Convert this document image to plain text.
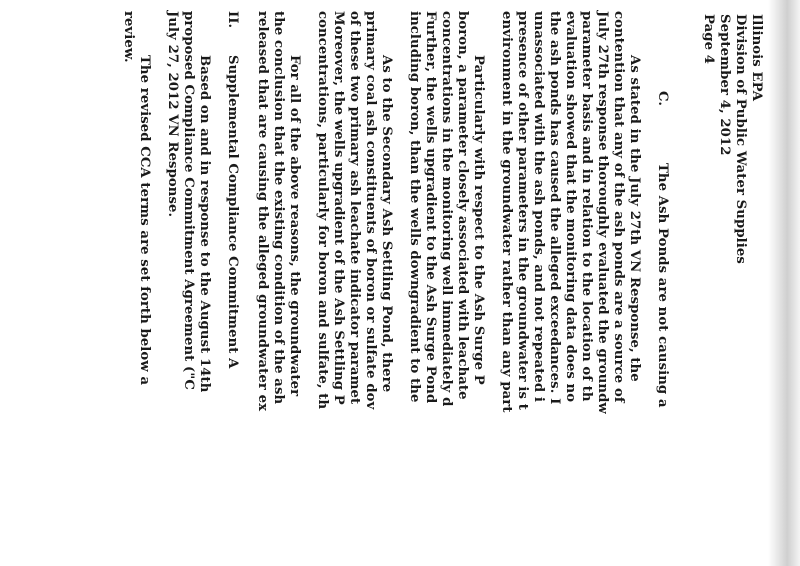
Illinois EPA
Division of Public Water Supplies
September 4, 2012
Page 4
C.
The Ash Ponds are not causing a
As stated in the July 27th VN Response, the
contention that any of the ash ponds are a source of
July 27th response thoroughly evaluated the groundw
parameter basis and in relation to the location of th
evaluation showed that the monitoring data does no
the ash ponds has caused the alleged exceedances. I
unassociated with the ash ponds, and not repeated i
presence of other parameters in the groundwater is t
environment in the groundwater rather than any part
Particularly with respect to the Ash Surge P
boron, a parameter closely associated with leachate
concentrations in the monitoring well immediately d
Further, the wells upgradient to the Ash Surge Pond
including boron, than the wells downgradient to the
As to the Secondary Ash Settling Pond, there
primary coal ash constituents of boron or sulfate dov
of these two primary ash leachate indicator paramet
Moreover, the wells upgradient of the Ash Settling P
concentrations, particularly for boron and sulfate, th
For all of the above reasons, the groundwater
the conclusion that the existing condition of the ash
released that are causing the alleged groundwater ex
II.
Supplemental Compliance Commitment A
Based on and in response to the August 14th
proposed Compliance Commitment Agreement ("C
July 27, 2012 VN Response.
The revised CCA terms are set forth below a
review.
